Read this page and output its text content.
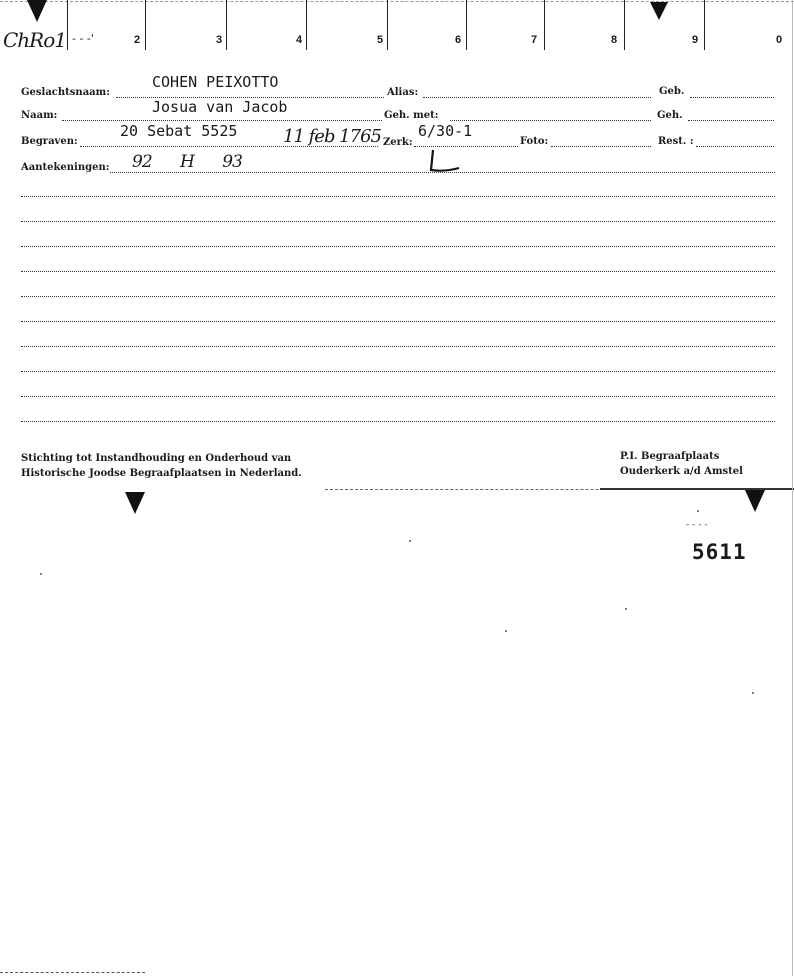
ChRo1 - - -'	2	3	4	5	6	7	8	9	0
Geslachtsnaam:
COHEN PEIXOTTO
Alias:	Geb.
Naam:	Josua van Jacob	Geh. met:	Geh.
Begraven:
20 Sebat 5525	11 feb 1765 Zerk:
6/30-1
Foto:	Rest. :
Aantekeningen: 92 H 93
Stichting tot Instandhouding en Onderhoud van
Historische Joodse Begraafplaatsen in Nederland.
P.I. Begraafplaats
Ouderkerk a/d Amstel
- - - -
5611
